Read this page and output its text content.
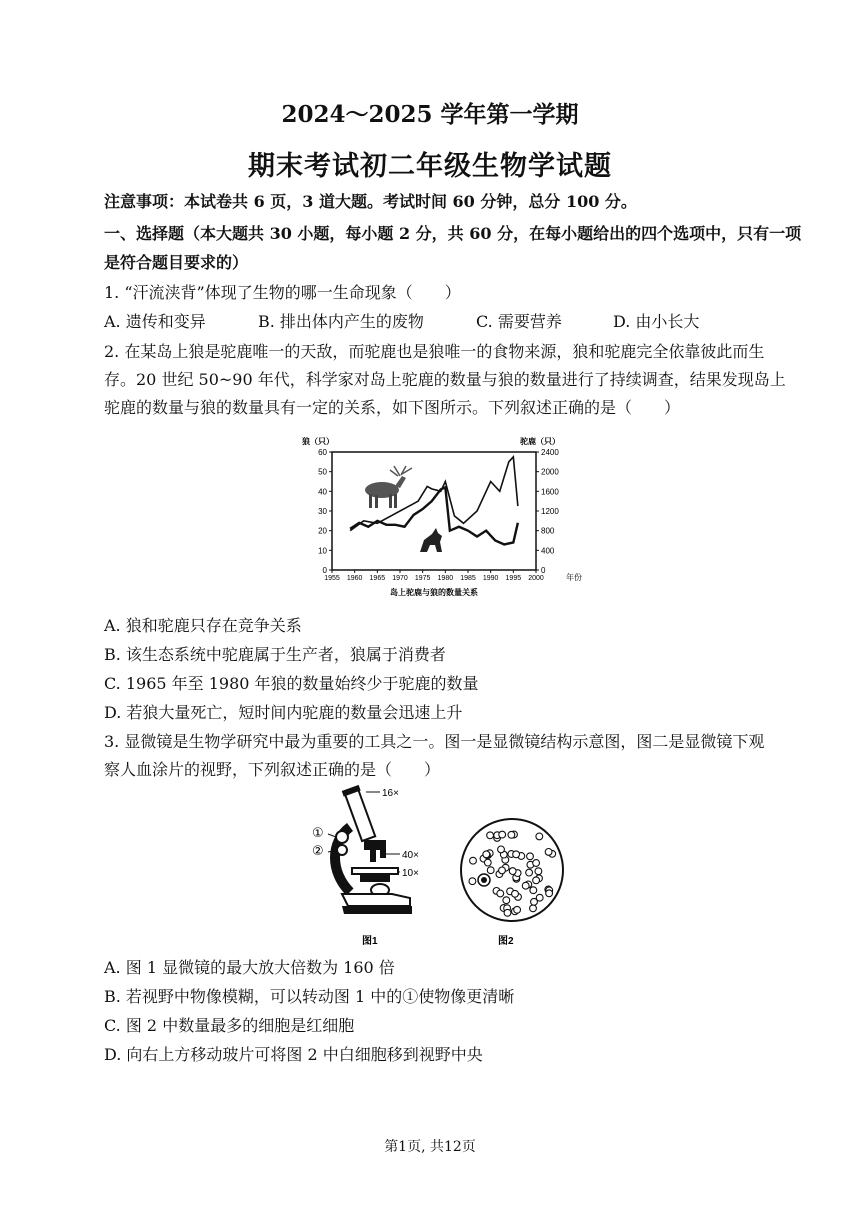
2024～2025 学年第一学期
期末考试初二年级生物学试题
注意事项：本试卷共 6 页，3 道大题。考试时间 60 分钟，总分 100 分。
一、选择题（本大题共 30 小题，每小题 2 分，共 60 分，在每小题给出的四个选项中，只有一项
是符合题目要求的）
1. “汗流浃背”体现了生物的哪一生命现象（　　）
A. 遗传和变异	B. 排出体内产生的废物	C. 需要营养	D. 由小长大
2. 在某岛上狼是驼鹿唯一的天敌，而驼鹿也是狼唯一的食物来源，狼和驼鹿完全依靠彼此而生
存。20 世纪 50~90 年代，科学家对岛上驼鹿的数量与狼的数量进行了持续调查，结果发现岛上
驼鹿的数量与狼的数量具有一定的关系，如下图所示。下列叙述正确的是（　　）
0
10
20
30
40
50
60
0
400
800
1200
1600
2000
2400
1955 1960 1965 1970 1975 1980 1985 1990 1995 2000
狼（只）	驼鹿（只）
年份
岛上驼鹿与狼的数量关系
A. 狼和驼鹿只存在竞争关系
B. 该生态系统中驼鹿属于生产者，狼属于消费者
C. 1965 年至 1980 年狼的数量始终少于驼鹿的数量
D. 若狼大量死亡，短时间内驼鹿的数量会迅速上升
3. 显微镜是生物学研究中最为重要的工具之一。图一是显微镜结构示意图，图二是显微镜下观
察人血涂片的视野，下列叙述正确的是（　　）
16×
①
②	40×
10×
图1	图2
A. 图 1 显微镜的最大放大倍数为 160 倍
B. 若视野中物像模糊，可以转动图 1 中的①使物像更清晰
C. 图 2 中数量最多的细胞是红细胞
D. 向右上方移动玻片可将图 2 中白细胞移到视野中央
第1页, 共12页
